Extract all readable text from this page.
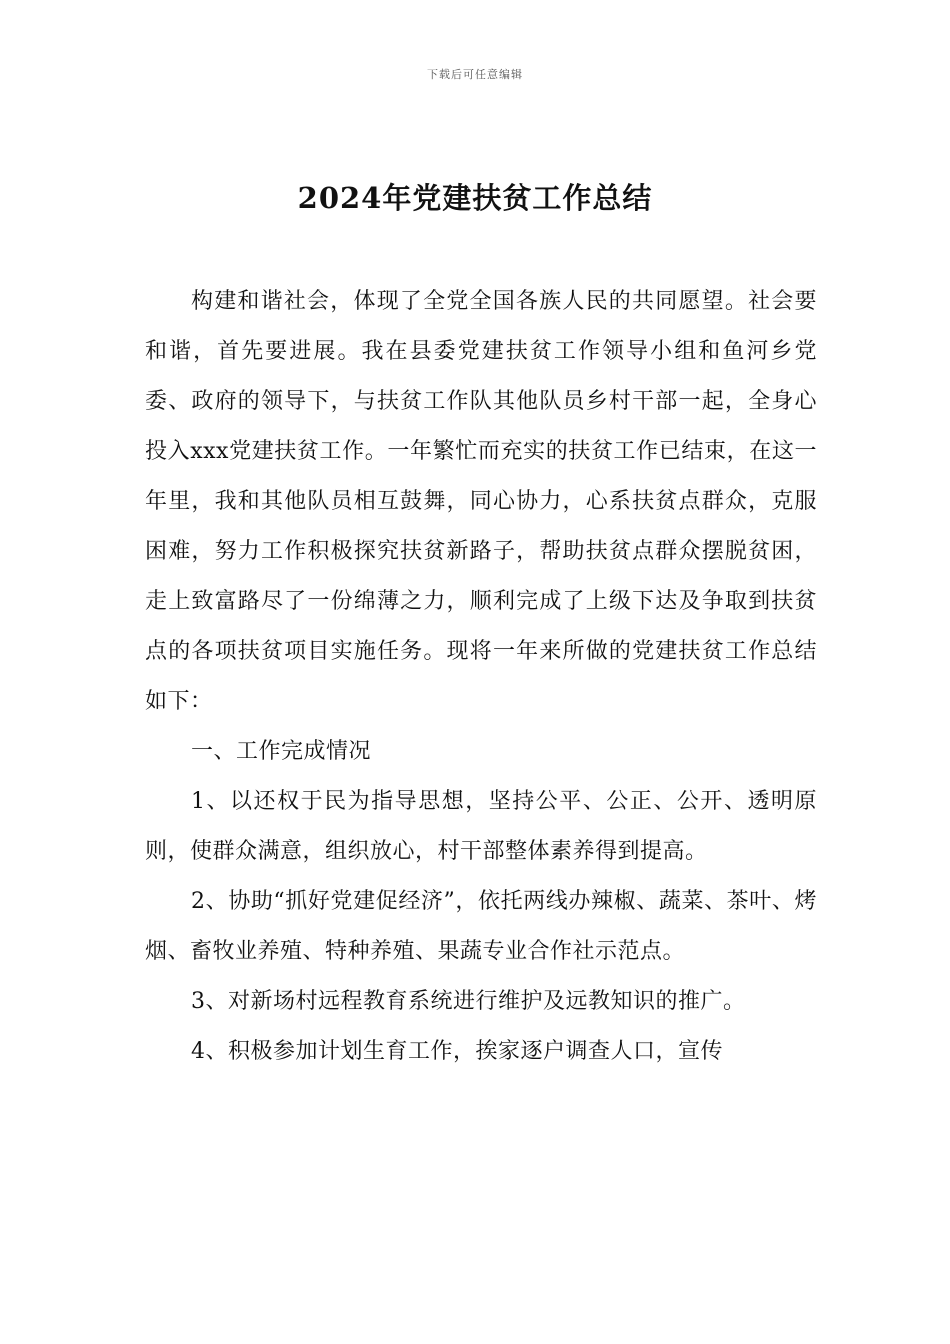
下载后可任意编辑
2024年党建扶贫工作总结

构建和谐社会，体现了全党全国各族人民的共同愿望。社会要和谐，首先要进展。我在县委党建扶贫工作领导小组和鱼河乡党委、政府的领导下，与扶贫工作队其他队员乡村干部一起，全身心投入xxx党建扶贫工作。一年繁忙而充实的扶贫工作已结束，在这一年里，我和其他队员相互鼓舞，同心协力，心系扶贫点群众，克服困难，努力工作积极探究扶贫新路子，帮助扶贫点群众摆脱贫困，走上致富路尽了一份绵薄之力，顺利完成了上级下达及争取到扶贫点的各项扶贫项目实施任务。现将一年来所做的党建扶贫工作总结如下：

一、工作完成情况

1、以还权于民为指导思想，坚持公平、公正、公开、透明原则，使群众满意，组织放心，村干部整体素养得到提高。

2、协助“抓好党建促经济”，依托两线办辣椒、蔬菜、茶叶、烤烟、畜牧业养殖、特种养殖、果蔬专业合作社示范点。

3、对新场村远程教育系统进行维护及远教知识的推广。

4、积极参加计划生育工作，挨家逐户调查人口，宣传
